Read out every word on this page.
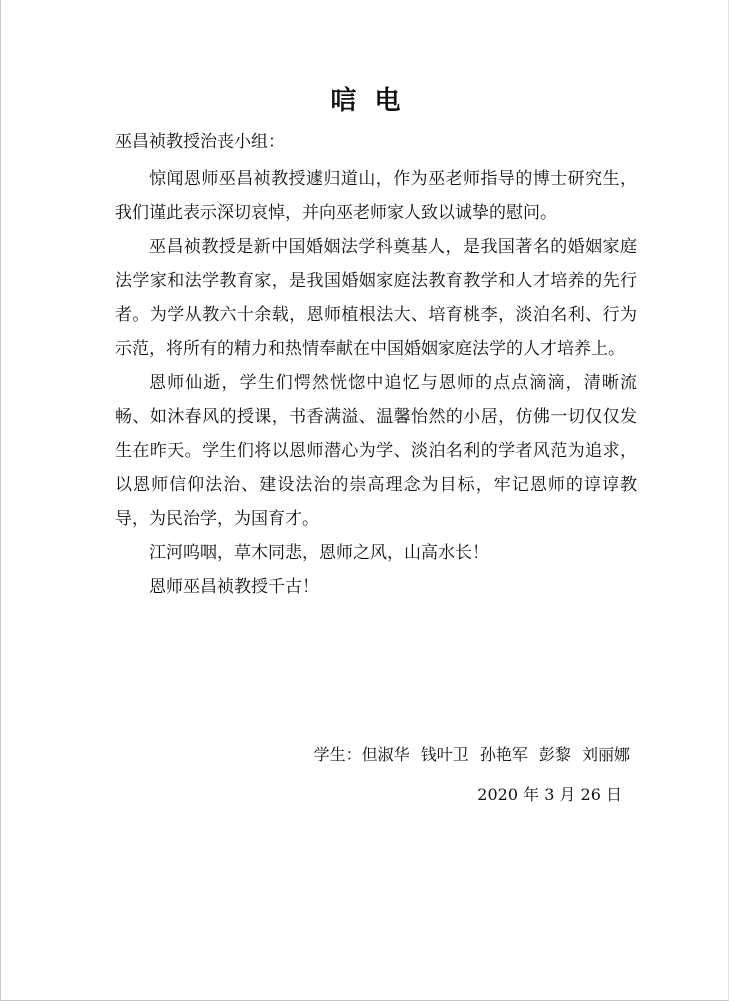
唁电
巫昌祯教授治丧小组：

惊闻恩师巫昌祯教授遽归道山，作为巫老师指导的博士研究生，我们谨此表示深切哀悼，并向巫老师家人致以诚挚的慰问。

巫昌祯教授是新中国婚姻法学科奠基人，是我国著名的婚姻家庭法学家和法学教育家，是我国婚姻家庭法教育教学和人才培养的先行者。为学从教六十余载，恩师植根法大、培育桃李，淡泊名利、行为示范，将所有的精力和热情奉献在中国婚姻家庭法学的人才培养上。

恩师仙逝，学生们愕然恍惚中追忆与恩师的点点滴滴，清晰流畅、如沐春风的授课，书香满溢、温馨怡然的小居，仿佛一切仅仅发生在昨天。学生们将以恩师潜心为学、淡泊名利的学者风范为追求，以恩师信仰法治、建设法治的崇高理念为目标，牢记恩师的谆谆教导，为民治学，为国育才。

江河呜咽，草木同悲，恩师之风，山高水长！

恩师巫昌祯教授千古！

学生：但淑华 钱叶卫 孙艳军 彭黎 刘丽娜
2020 年 3 月 26 日
